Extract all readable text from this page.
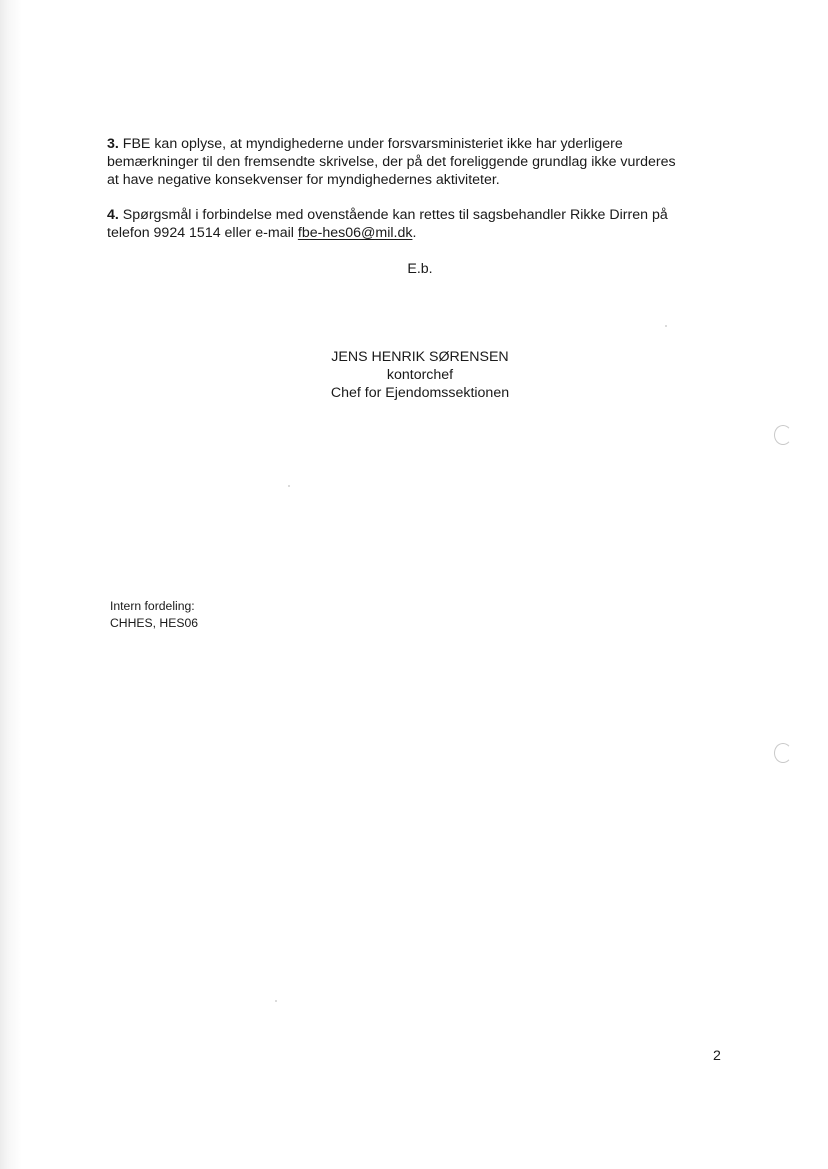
3. FBE kan oplyse, at myndighederne under forsvarsministeriet ikke har yderligere
bemærkninger til den fremsendte skrivelse, der på det foreliggende grundlag ikke vurderes
at have negative konsekvenser for myndighedernes aktiviteter.
4. Spørgsmål i forbindelse med ovenstående kan rettes til sagsbehandler Rikke Dirren på
telefon 9924 1514 eller e-mail fbe-hes06@mil.dk.
E.b.
JENS HENRIK SØRENSEN
kontorchef
Chef for Ejendomssektionen
Intern fordeling:
CHHES, HES06
2
